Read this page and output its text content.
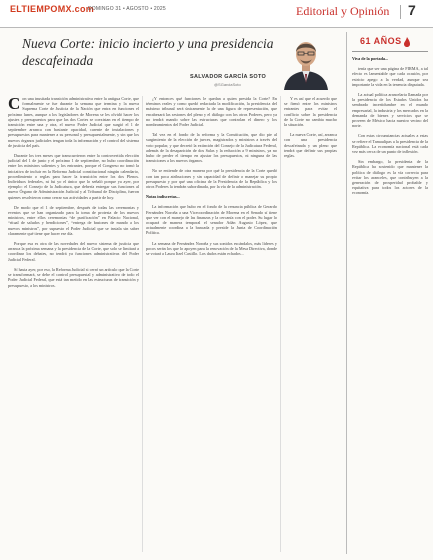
ELTIEMPOMX.com
DOMINGO 31 • AGOSTO • 2025	Editorial y Opinión 7
Nueva Corte: inicio incierto y una presidencia descafeinada
SALVADOR GARCÍA SOTO
@SGarciaSoto

Con una inusitada transición administrativa entre la antigua Corte, que formalmente se fue durante la semana que termina y la nueva Suprema Corte de Justicia de la Nación que entra en funciones el próximo lunes, aunque a los legisladores de Morena se les olvidó hacer los ajustes y presupuestos para que las dos Cortes se coexistan en el tiempo de transición entre una y otra, el nuevo Poder Judicial que surgió el 1 de septiembre arranca con bastante opacidad, carente de instalaciones y presupuestos para mantener a su personal y presupuestalmente, y sin que los nuevos órganos judiciales tengan toda la información y el control del sistema de justicia del país.

Durante los tres meses que transcurrieron entre la controvertida elección judicial del 1 de junio y el próximo 1 de septiembre, no hubo coordinación entre los ministros salientes y los entrantes, porque el Congreso no tomó la iniciativa de incluir en la Reforma Judicial constitucional ningún calendario, procedimiento o reglas para hacer la transición entre los dos Plenos. Individuos federales, ni fui yo el único que lo señaló porque ya ayer, por ejemplo: el Consejo de la Judicatura, que debería entregar sus funciones al nuevo Órgano de Administración Judicial y al Tribunal de Disciplina, fueron quienes resolvieron como cerrar sus actividades a partir de hoy.

De modo que el 1 de septiembre, después de todas las ceremonias y eventos que se han organizado para la toma de protesta de los nuevos ministros, entre ellos ceremonias “de purificación” en Palacio Nacional, “ritual de saludos y bendiciones”, “entrega de bastones de mando a los nuevos ministros”, por supuesto el Poder Judicial que se instala sin saber claramente qué tiene que hacer ese día.

Porque esa es otra de las novedades del nuevo sistema de justicia que arranca la próxima semana y la presidencia de la Corte, que solo se limitará a coordinar los debates, no tendrá ya funciones administrativas del Poder Judicial Federal.

Sí hasta ayer, por eso, la Reforma Judicial si cerró un artículo que la Corte se transformará, se debe el control presupuestal y administrativo de todo el Poder Judicial Federal, que está tan metido en las estructuras de transición y presupuesto, a los ministros.

¿Y entonces qué funciones le quedan a quien presida la Corte? En términos reales y como quedó redactada la modificación, la presidencia del máximo tribunal será únicamente la de una figura de representación, que encabezará las sesiones del pleno y el diálogo con los otros Poderes, pero ya no tendrá mando sobre las estructuras que controlan el dinero y los nombramientos del Poder Judicial.

Tal vez en el fondo de la reforma y la Constitución, que dio pie al surgimiento de la elección de jueces, magistrados y ministros a través del voto popular, y que decretó la extinción del Consejo de la Judicatura Federal, además de la desaparición de dos Salas y la reducción a 9 ministros, ya no hubo de perder el tiempo en ajustar los presupuestos, ni ninguna de las transiciones a los nuevos órganos.

No se entiende de otra manera por qué la presidencia de la Corte quedó con tan poca atribuciones y sin capacidad de definir o manejar su propio presupuesto y por qué una oficina de la Presidencia de la República y los otros Poderes la tendrán subordinada, por la vía de la administración.

Notas indiscretas...

La información que hubo en el fondo de la renuncia pública de Gerardo Fernández Noroña a una Vicecoordinación de Morena en el Senado sí tiene que ver con el manejo de las finanzas y la cercanía con el poder. Su lugar lo ocupará de manera temporal el senador Adán Augusto López, que actualmente coordina a la bancada y preside la Junta de Coordinación Política.

La semana de Fernández Noroña y sus sonidos escándalos, más líderes y pocos serán los que lo apoyen para la renovación de la Mesa Directiva, donde se votará a Laura Itzel Castillo. Los dados están echados...

Y es así que el acuerdo que se firmó entre los ministros entrantes para evitar el conflicto sobre la presidencia de la Corte no cambia mucho la situación.

La nueva Corte, así, arranca con una presidencia descafeinada y un pleno que tendrá que definir sus propias reglas.

61 AÑOS

Viva de la portada...

tenía que ser una página de FIRMA, a tal efecto es lamentable que cada ocasión, por estricto apego a la verdad, aunque sea importante la vida en la tenencia disputada.

La actual política arancelaria llamada por la presidencia de los Estados Unidos ha sembrado incertidumbre en el mundo empresarial, la industria y los mercados en la demanda de bienes y servicios que se proveen de México hacia nuestro vecino del norte.

Con estas circunstancias actuales a estas se refiere el Tamaulipas a la presidencia de la República. La economía nacional está cada vez más cerca de un punto de inflexión.

Sin embargo, la presidenta de la República ha sostenido que mantener la política de diálogo es la vía correcta para evitar los aranceles, que contribuyen a la generación de prosperidad probable y equitativa para todos los actores de la economía.
